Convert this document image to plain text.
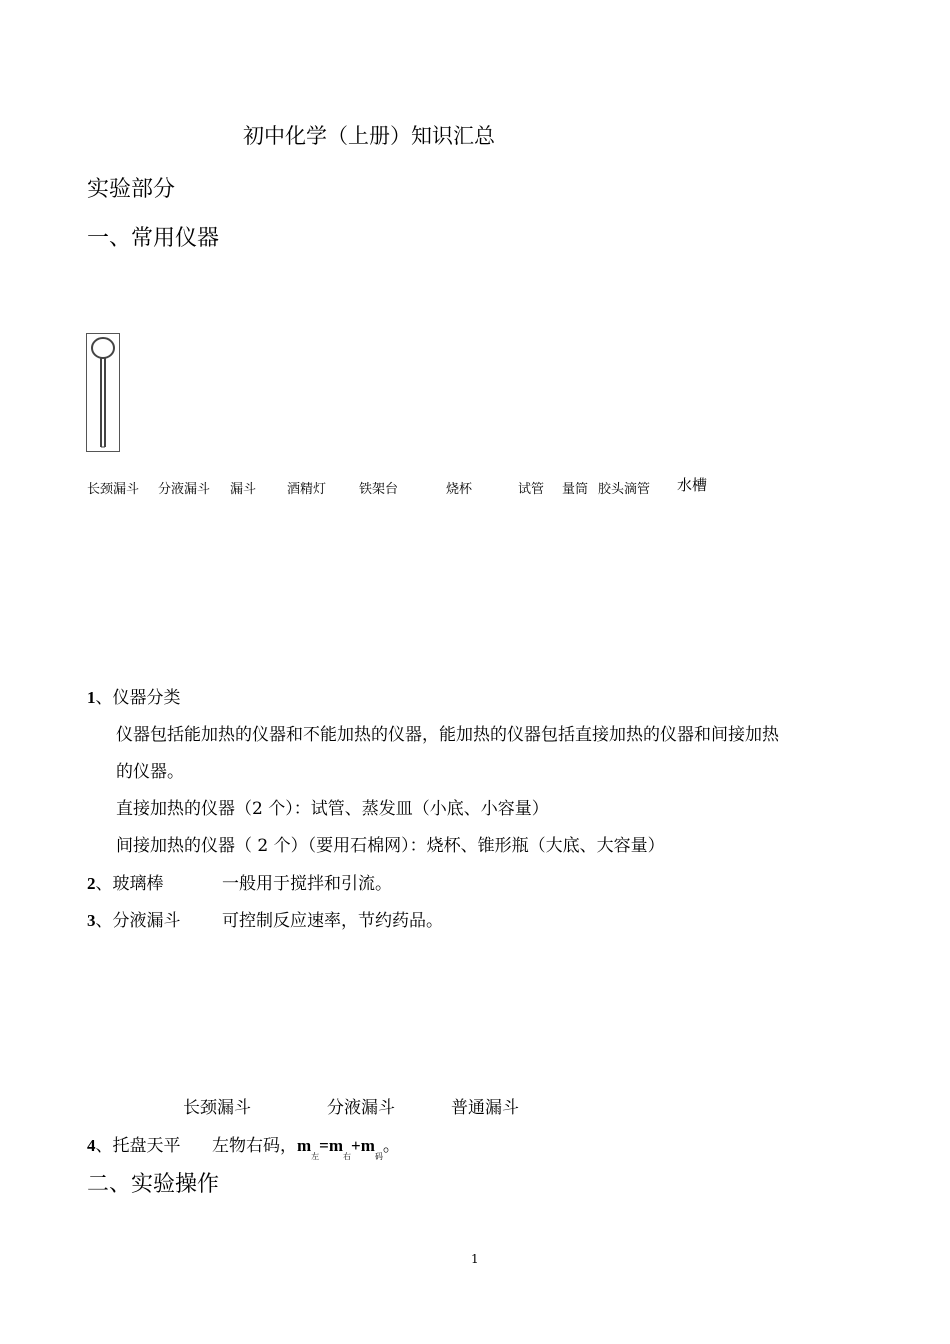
初中化学（上册）知识汇总
实验部分
一、常用仪器
长颈漏斗 分液漏斗 漏斗 酒精灯	铁架台	烧杯	试管 量筒 胶头滴管 水槽
1、仪器分类
仪器包括能加热的仪器和不能加热的仪器，能加热的仪器包括直接加热的仪器和间接加热
的仪器。
直接加热的仪器（2 个）：试管、蒸发皿（小底、小容量）
间接加热的仪器（ 2 个）（要用石棉网）：烧杯、锥形瓶（大底、大容量）
2、玻璃棒	一般用于搅拌和引流。
3、分液漏斗 可控制反应速率，节约药品。
长颈漏斗	分液漏斗	普通漏斗
4、托盘天平 左物右码，$m_左=m_右+m_码$。
二、实验操作
1
